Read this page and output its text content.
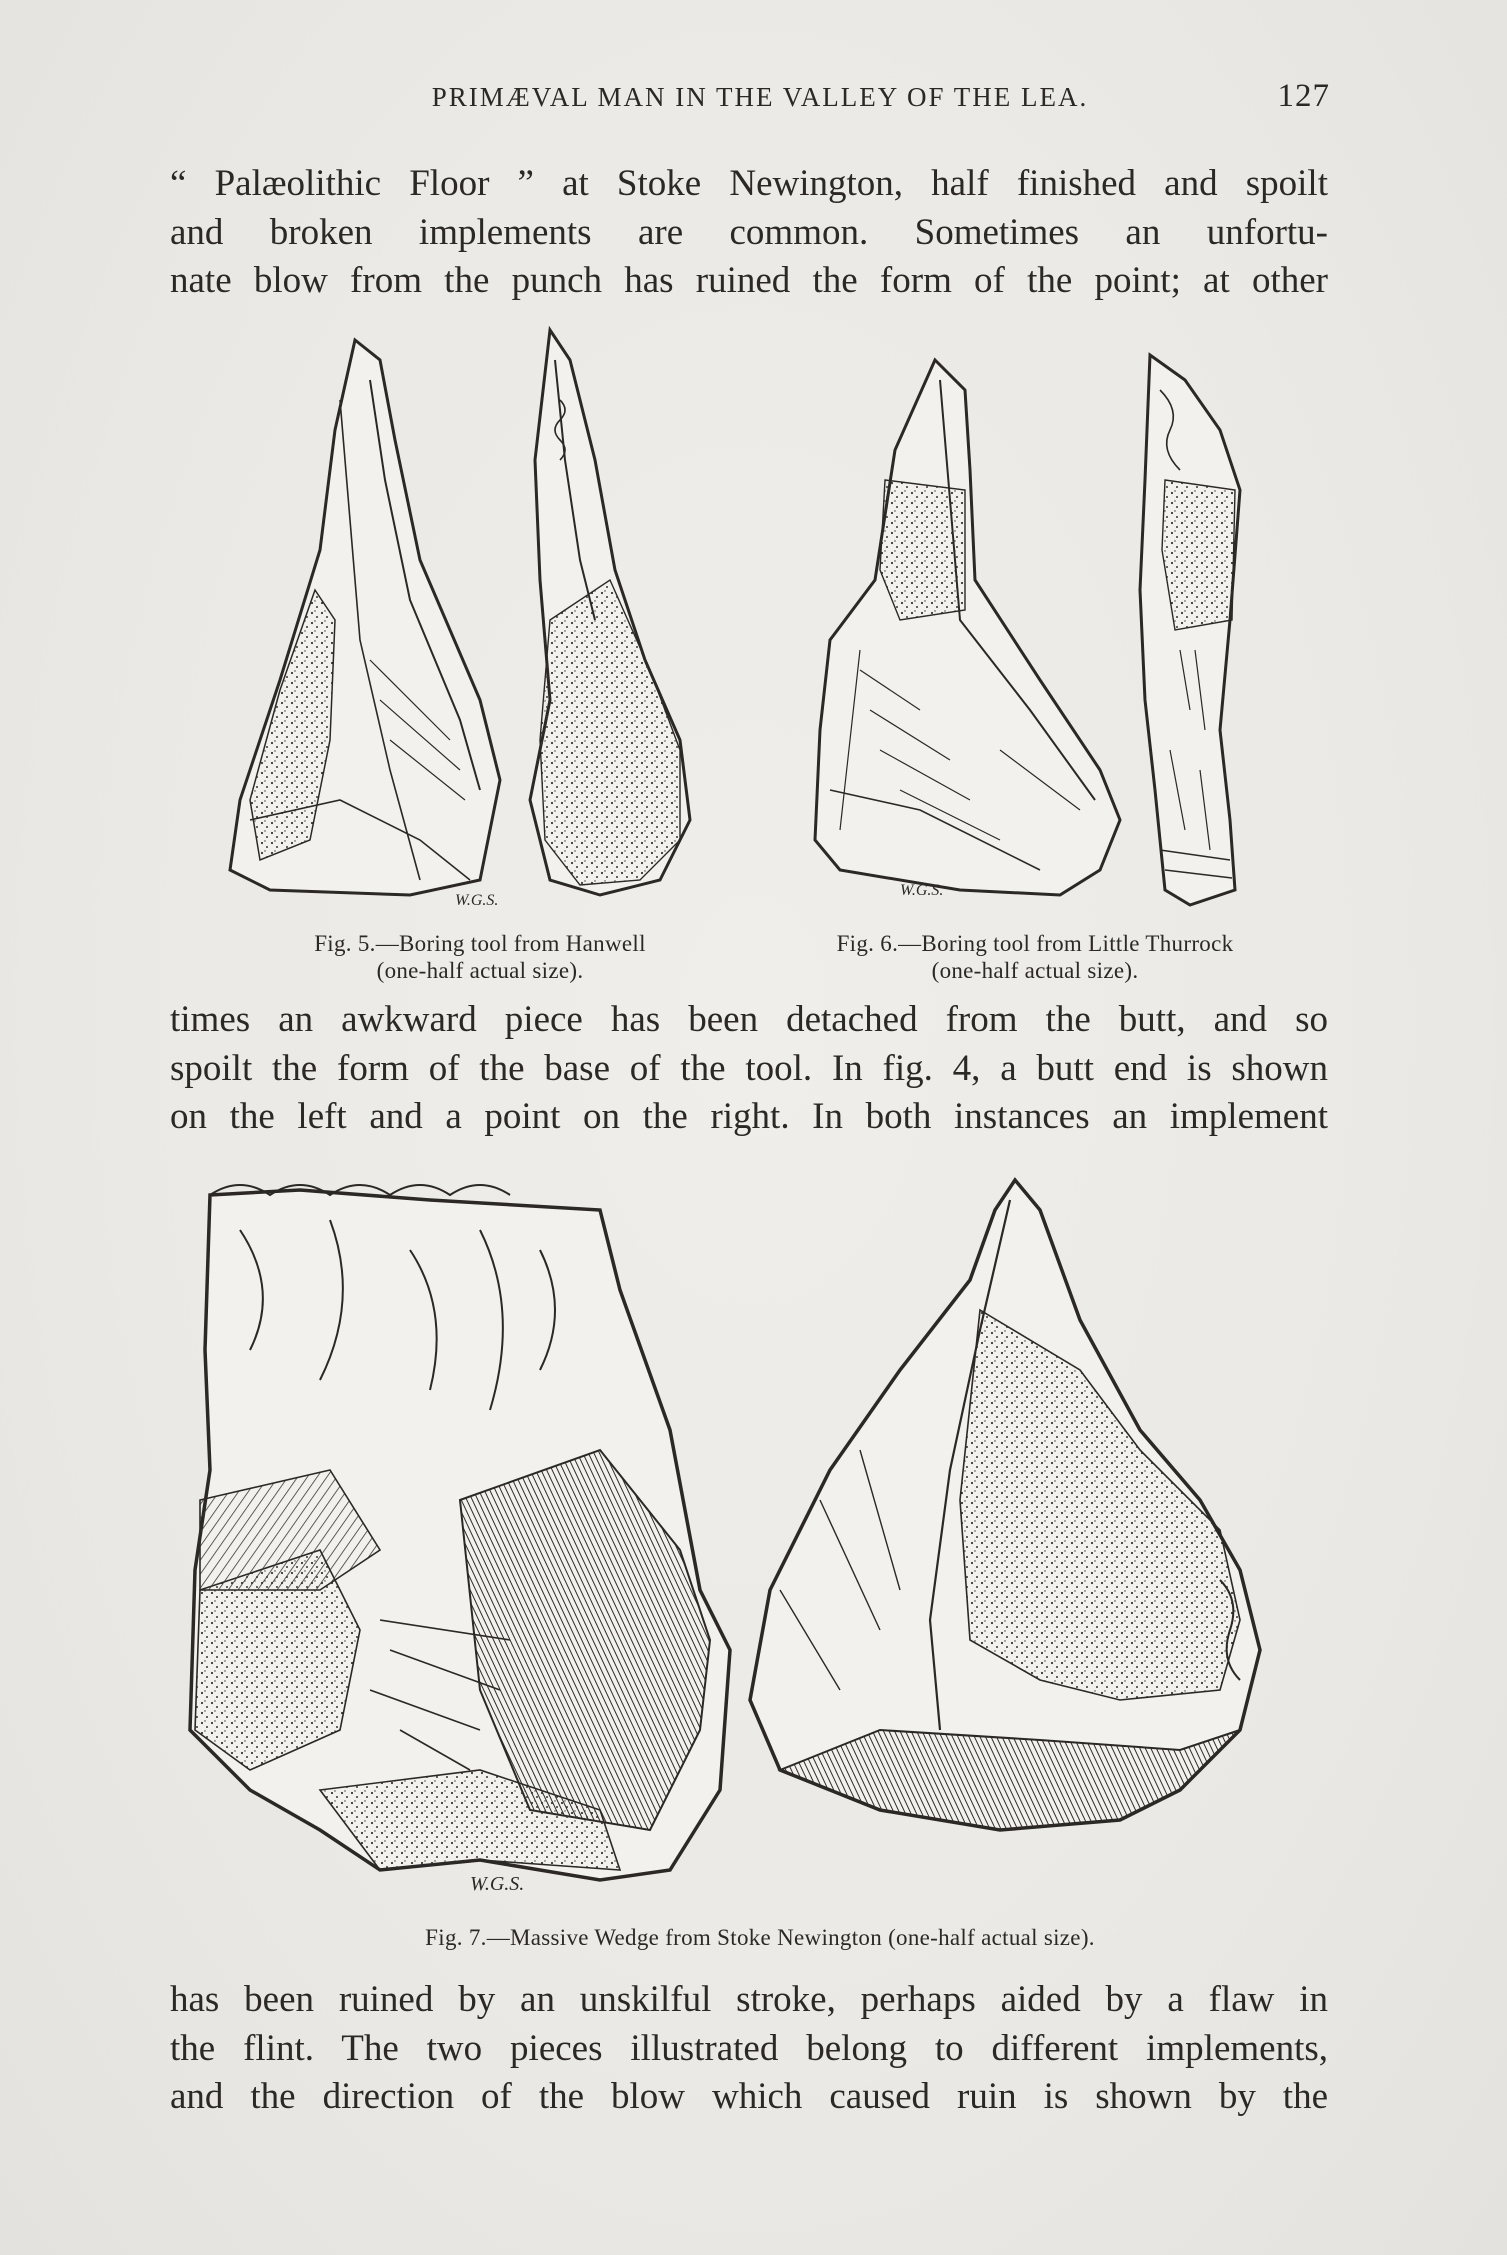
PRIMÆVAL MAN IN THE VALLEY OF THE LEA.	127
“ Palæolithic Floor ” at Stoke Newington, half finished and spoilt
and broken implements are common. Sometimes an unfortu-
nate blow from the punch has ruined the form of the point; at other
W.G.S.
W.G.S.
Fig. 5.—Boring tool from Hanwell
(one-half actual size).
Fig. 6.—Boring tool from Little Thurrock
(one-half actual size).
times an awkward piece has been detached from the butt, and so
spoilt the form of the base of the tool. In fig. 4, a butt end is shown
on the left and a point on the right. In both instances an implement
W.G.S.
Fig. 7.—Massive Wedge from Stoke Newington (one-half actual size).
has been ruined by an unskilful stroke, perhaps aided by a flaw in
the flint. The two pieces illustrated belong to different implements,
and the direction of the blow which caused ruin is shown by the
